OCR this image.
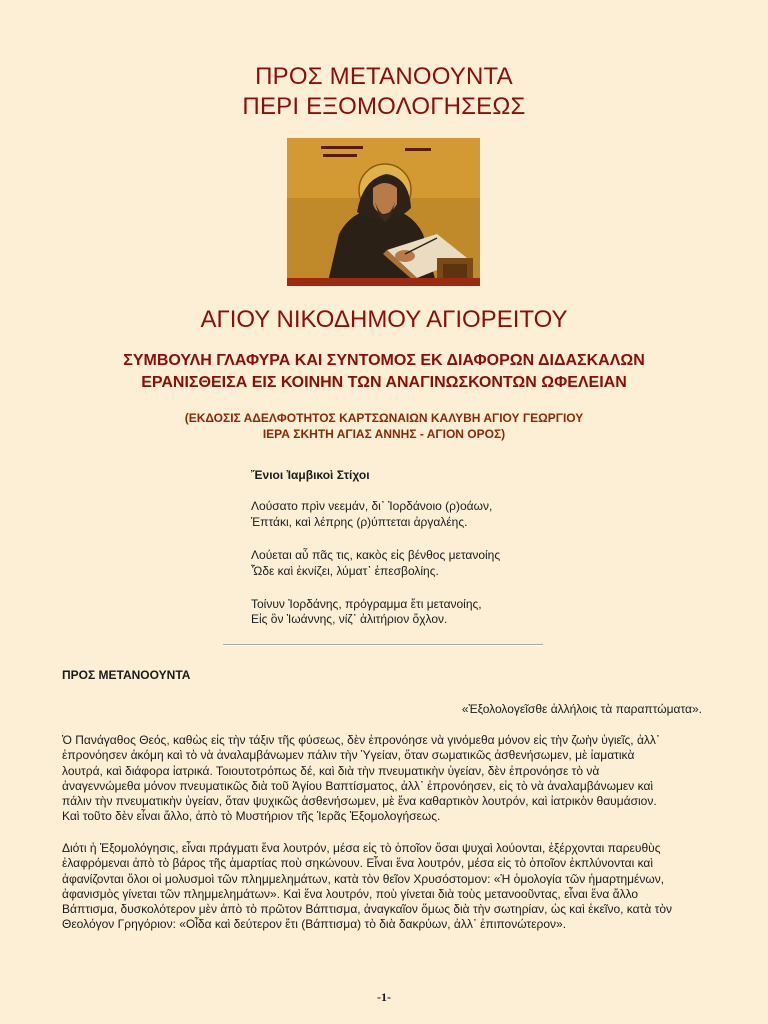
ΠΡΟΣ ΜΕΤΑΝΟΟΥΝΤΑ
ΠΕΡΙ ΕΞΟΜΟΛΟΓΗΣΕΩΣ
ΑΓΙΟΥ ΝΙΚΟΔΗΜΟΥ ΑΓΙΟΡΕΙΤΟΥ
ΣΥΜΒΟΥΛΗ ΓΛΑΦΥΡΑ ΚΑΙ ΣΥΝΤΟΜΟΣ ΕΚ ΔΙΑΦΟΡΩΝ ΔΙΔΑΣΚΑΛΩΝ
ΕΡΑΝΙΣΘΕΙΣΑ ΕΙΣ ΚΟΙΝΗΝ ΤΩΝ ΑΝΑΓΙΝΩΣΚΟΝΤΩΝ ΩΦΕΛΕΙΑΝ
(ΕΚΔΟΣΙΣ ΑΔΕΛΦΟΤΗΤΟΣ ΚΑΡΤΣΩΝΑΙΩΝ ΚΑΛΥΒΗ ΑΓΙΟΥ ΓΕΩΡΓΙΟΥ
ΙΕΡΑ ΣΚΗΤΗ ΑΓΙΑΣ ΑΝΝΗΣ - ΑΓΙΟΝ ΟΡΟΣ)
Ἔνιοι Ἰαμβικοὶ Στίχοι
Λούσατο πρὶν νεεμάν, δι᾽ Ἰορδάνοιο (ρ)οάων,
Ἑπτάκι, καὶ λέπρης (ρ)ύπτεται ἀργαλέης.
Λούεται αὖ πᾶς τις, κακὸς εἰς βένθος μετανοίης
Ὧδε καὶ ἐκνίζει, λύματ᾽ ἐπεσβολίης.
Τοίνυν Ἰορδάνης, πρόγραμμα ἔτι μετανοίης,
Εἰς ὃν Ἰωάννης, νίζ᾽ ἀλιτήριον ὄχλον.
ΠΡΟΣ ΜΕΤΑΝΟΟΥΝΤΑ
«Ἐξολολογεῖσθε ἀλλήλοις τὰ παραπτώματα».
Ὁ Πανάγαθος Θεός, καθὼς εἰς τὴν τάξιν τῆς φύσεως, δὲν ἐπρονόησε νὰ γινόμεθα μόνον εἰς τὴν ζωὴν ὑγιεῖς, ἀλλ᾽
ἐπρονόησεν ἀκόμη καὶ τὸ νὰ ἀναλαμβάνωμεν πάλιν τὴν Ὑγείαν, ὅταν σωματικῶς ἀσθενήσωμεν, μὲ ἰαματικὰ
λουτρά, καὶ διάφορα ἰατρικά. Τοιουτοτρόπως δέ, καὶ διὰ τὴν πνευματικὴν ὑγείαν, δὲν ἐπρονόησε τὸ νὰ
ἀναγεννώμεθα μόνον πνευματικῶς διὰ τοῦ Ἁγίου Βαπτίσματος, ἀλλ᾽ ἐπρονόησεν, εἰς τὸ νὰ ἀναλαμβάνωμεν καὶ
πάλιν τὴν πνευματικὴν ὑγείαν, ὅταν ψυχικῶς ἀσθενήσωμεν, μὲ ἕνα καθαρτικὸν λουτρόν, καὶ ἰατρικὸν θαυμάσιον.
Καὶ τοῦτο δὲν εἶναι ἄλλο, ἀπὸ τὸ Μυστήριον τῆς Ἱερᾶς Ἐξομολογήσεως.
Διότι ἡ Ἐξομολόγησις, εἶναι πράγματι ἕνα λουτρόν, μέσα εἰς τὸ ὁποῖον ὅσαι ψυχαὶ λούονται, ἐξέρχονται παρευθὺς
ἐλαφρόμεναι ἀπὸ τὸ βάρος τῆς ἁμαρτίας ποὺ σηκώνουν. Εἶναι ἕνα λουτρόν, μέσα εἰς τὸ ὁποῖον ἐκπλύνονται καὶ
ἀφανίζονται ὅλοι οἱ μολυσμοὶ τῶν πλημμελημάτων, κατὰ τὸν θεῖον Χρυσόστομον: «Ἡ ὁμολογία τῶν ἡμαρτημένων,
ἀφανισμὸς γίνεται τῶν πλημμελημάτων». Καὶ ἕνα λουτρόν, ποὺ γίνεται διὰ τοὺς μετανοοῦντας, εἶναι ἕνα ἄλλο
Βάπτισμα, δυσκολότερον μὲν ἀπὸ τὸ πρῶτον Βάπτισμα, ἀναγκαῖον ὅμως διὰ τὴν σωτηρίαν, ὡς καὶ ἐκεῖνο, κατὰ τὸν
Θεολόγον Γρηγόριον: «Οἶδα καὶ δεύτερον ἔτι (Βάπτισμα) τὸ διὰ δακρύων, ἀλλ᾽ ἐπιπονώτερον».
-1-
